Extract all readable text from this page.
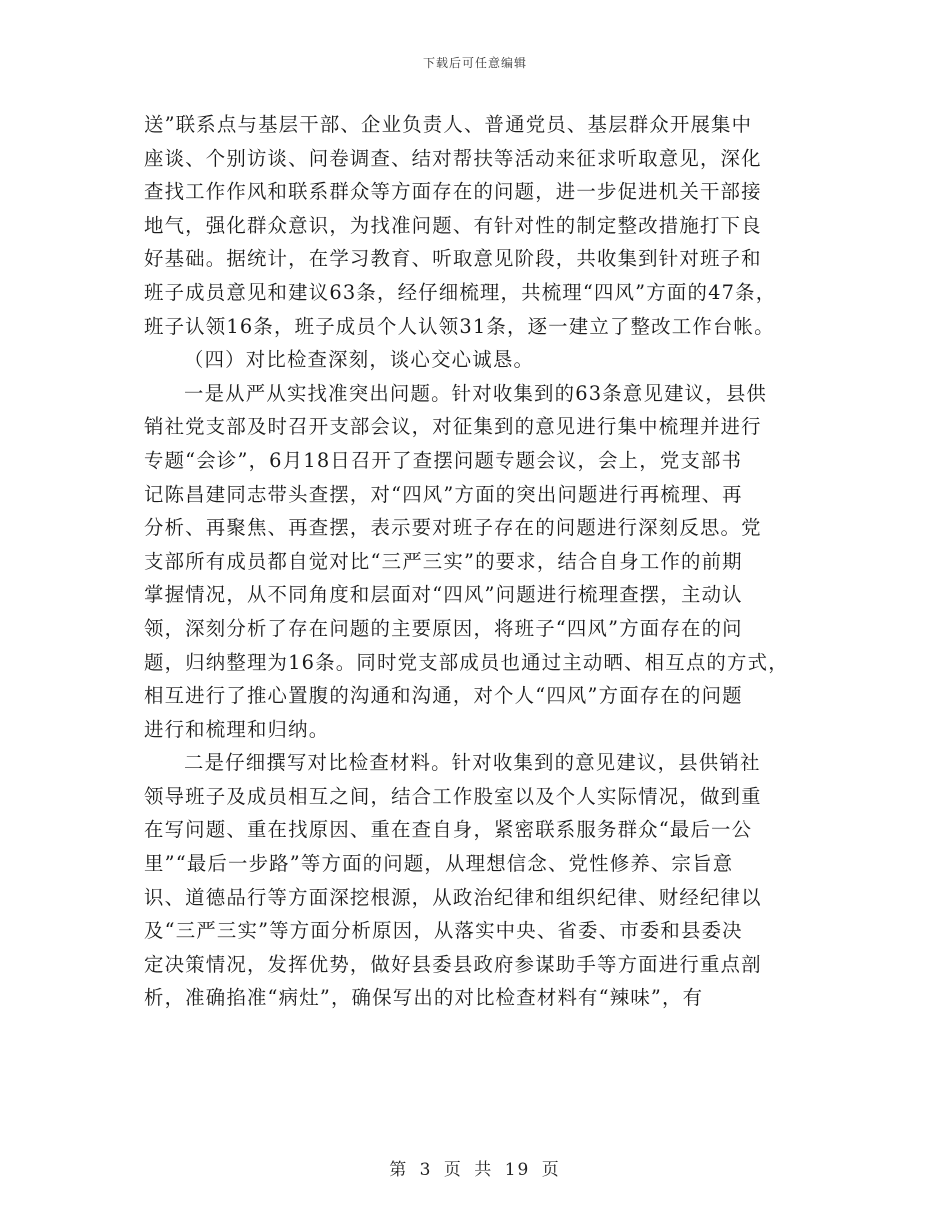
下载后可任意编辑
送”联系点与基层干部、企业负责人、普通党员、基层群众开展集中
座谈、个别访谈、问卷调查、结对帮扶等活动来征求听取意见，深化
查找工作作风和联系群众等方面存在的问题，进一步促进机关干部接
地气，强化群众意识，为找准问题、有针对性的制定整改措施打下良
好基础。据统计，在学习教育、听取意见阶段，共收集到针对班子和
班子成员意见和建议63条，经仔细梳理，共梳理“四风”方面的47条，
班子认领16条，班子成员个人认领31条，逐一建立了整改工作台帐。
（四）对比检查深刻，谈心交心诚恳。
一是从严从实找准突出问题。针对收集到的63条意见建议，县供
销社党支部及时召开支部会议，对征集到的意见进行集中梳理并进行
专题“会诊”，6月18日召开了查摆问题专题会议，会上，党支部书
记陈昌建同志带头查摆，对“四风”方面的突出问题进行再梳理、再
分析、再聚焦、再查摆，表示要对班子存在的问题进行深刻反思。党
支部所有成员都自觉对比“三严三实”的要求，结合自身工作的前期
掌握情况，从不同角度和层面对“四风”问题进行梳理查摆，主动认
领，深刻分析了存在问题的主要原因，将班子“四风”方面存在的问
题，归纳整理为16条。同时党支部成员也通过主动晒、相互点的方式，
相互进行了推心置腹的沟通和沟通，对个人“四风”方面存在的问题
进行和梳理和归纳。
二是仔细撰写对比检查材料。针对收集到的意见建议，县供销社
领导班子及成员相互之间，结合工作股室以及个人实际情况，做到重
在写问题、重在找原因、重在查自身，紧密联系服务群众“最后一公
里”“最后一步路”等方面的问题，从理想信念、党性修养、宗旨意
识、道德品行等方面深挖根源，从政治纪律和组织纪律、财经纪律以
及“三严三实”等方面分析原因，从落实中央、省委、市委和县委决
定决策情况，发挥优势，做好县委县政府参谋助手等方面进行重点剖
析，准确掐准“病灶”，确保写出的对比检查材料有“辣味”，有
第 3 页 共 19 页
